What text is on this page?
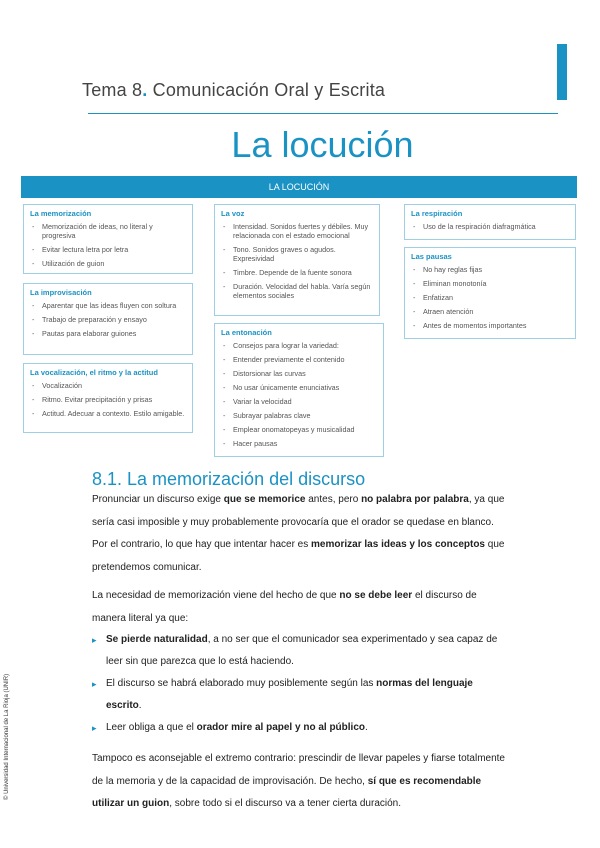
Tema 8. Comunicación Oral y Escrita
La locución
LA LOCUCIÓN
La memorización
- Memorización de ideas, no literal y progresiva
- Evitar lectura letra por letra
- Utilización de guion
La improvisación
- Aparentar que las ideas fluyen con soltura
- Trabajo de preparación y ensayo
- Pautas para elaborar guiones
La vocalización, el ritmo y la actitud
- Vocalización
- Ritmo. Evitar precipitación y prisas
- Actitud. Adecuar a contexto. Estilo amigable.
La voz
- Intensidad. Sonidos fuertes y débiles. Muy relacionada con el estado emocional
- Tono. Sonidos graves o agudos. Expresividad
- Timbre. Depende de la fuente sonora
- Duración. Velocidad del habla. Varía según elementos sociales
La entonación
- Consejos para lograr la variedad:
- Entender previamente el contenido
- Distorsionar las curvas
- No usar únicamente enunciativas
- Variar la velocidad
- Subrayar palabras clave
- Emplear onomatopeyas y musicalidad
- Hacer pausas
La respiración
- Uso de la respiración diafragmática
Las pausas
- No hay reglas fijas
- Eliminan monotonía
- Enfatizan
- Atraen atención
- Antes de momentos importantes
8.1. La memorización del discurso

Pronunciar un discurso exige que se memorice antes, pero no palabra por palabra, ya que sería casi imposible y muy probablemente provocaría que el orador se quedase en blanco. Por el contrario, lo que hay que intentar hacer es memorizar las ideas y los conceptos que pretendemos comunicar.

La necesidad de memorización viene del hecho de que no se debe leer el discurso de manera literal ya que:

▸ Se pierde naturalidad, a no ser que el comunicador sea experimentado y sea capaz de leer sin que parezca que lo está haciendo.
▸ El discurso se habrá elaborado muy posiblemente según las normas del lenguaje escrito.
▸ Leer obliga a que el orador mire al papel y no al público.

Tampoco es aconsejable el extremo contrario: prescindir de llevar papeles y fiarse totalmente de la memoria y de la capacidad de improvisación. De hecho, sí que es recomendable utilizar un guion, sobre todo si el discurso va a tener cierta duración.

© Universidad Internacional de La Rioja (UNIR)
